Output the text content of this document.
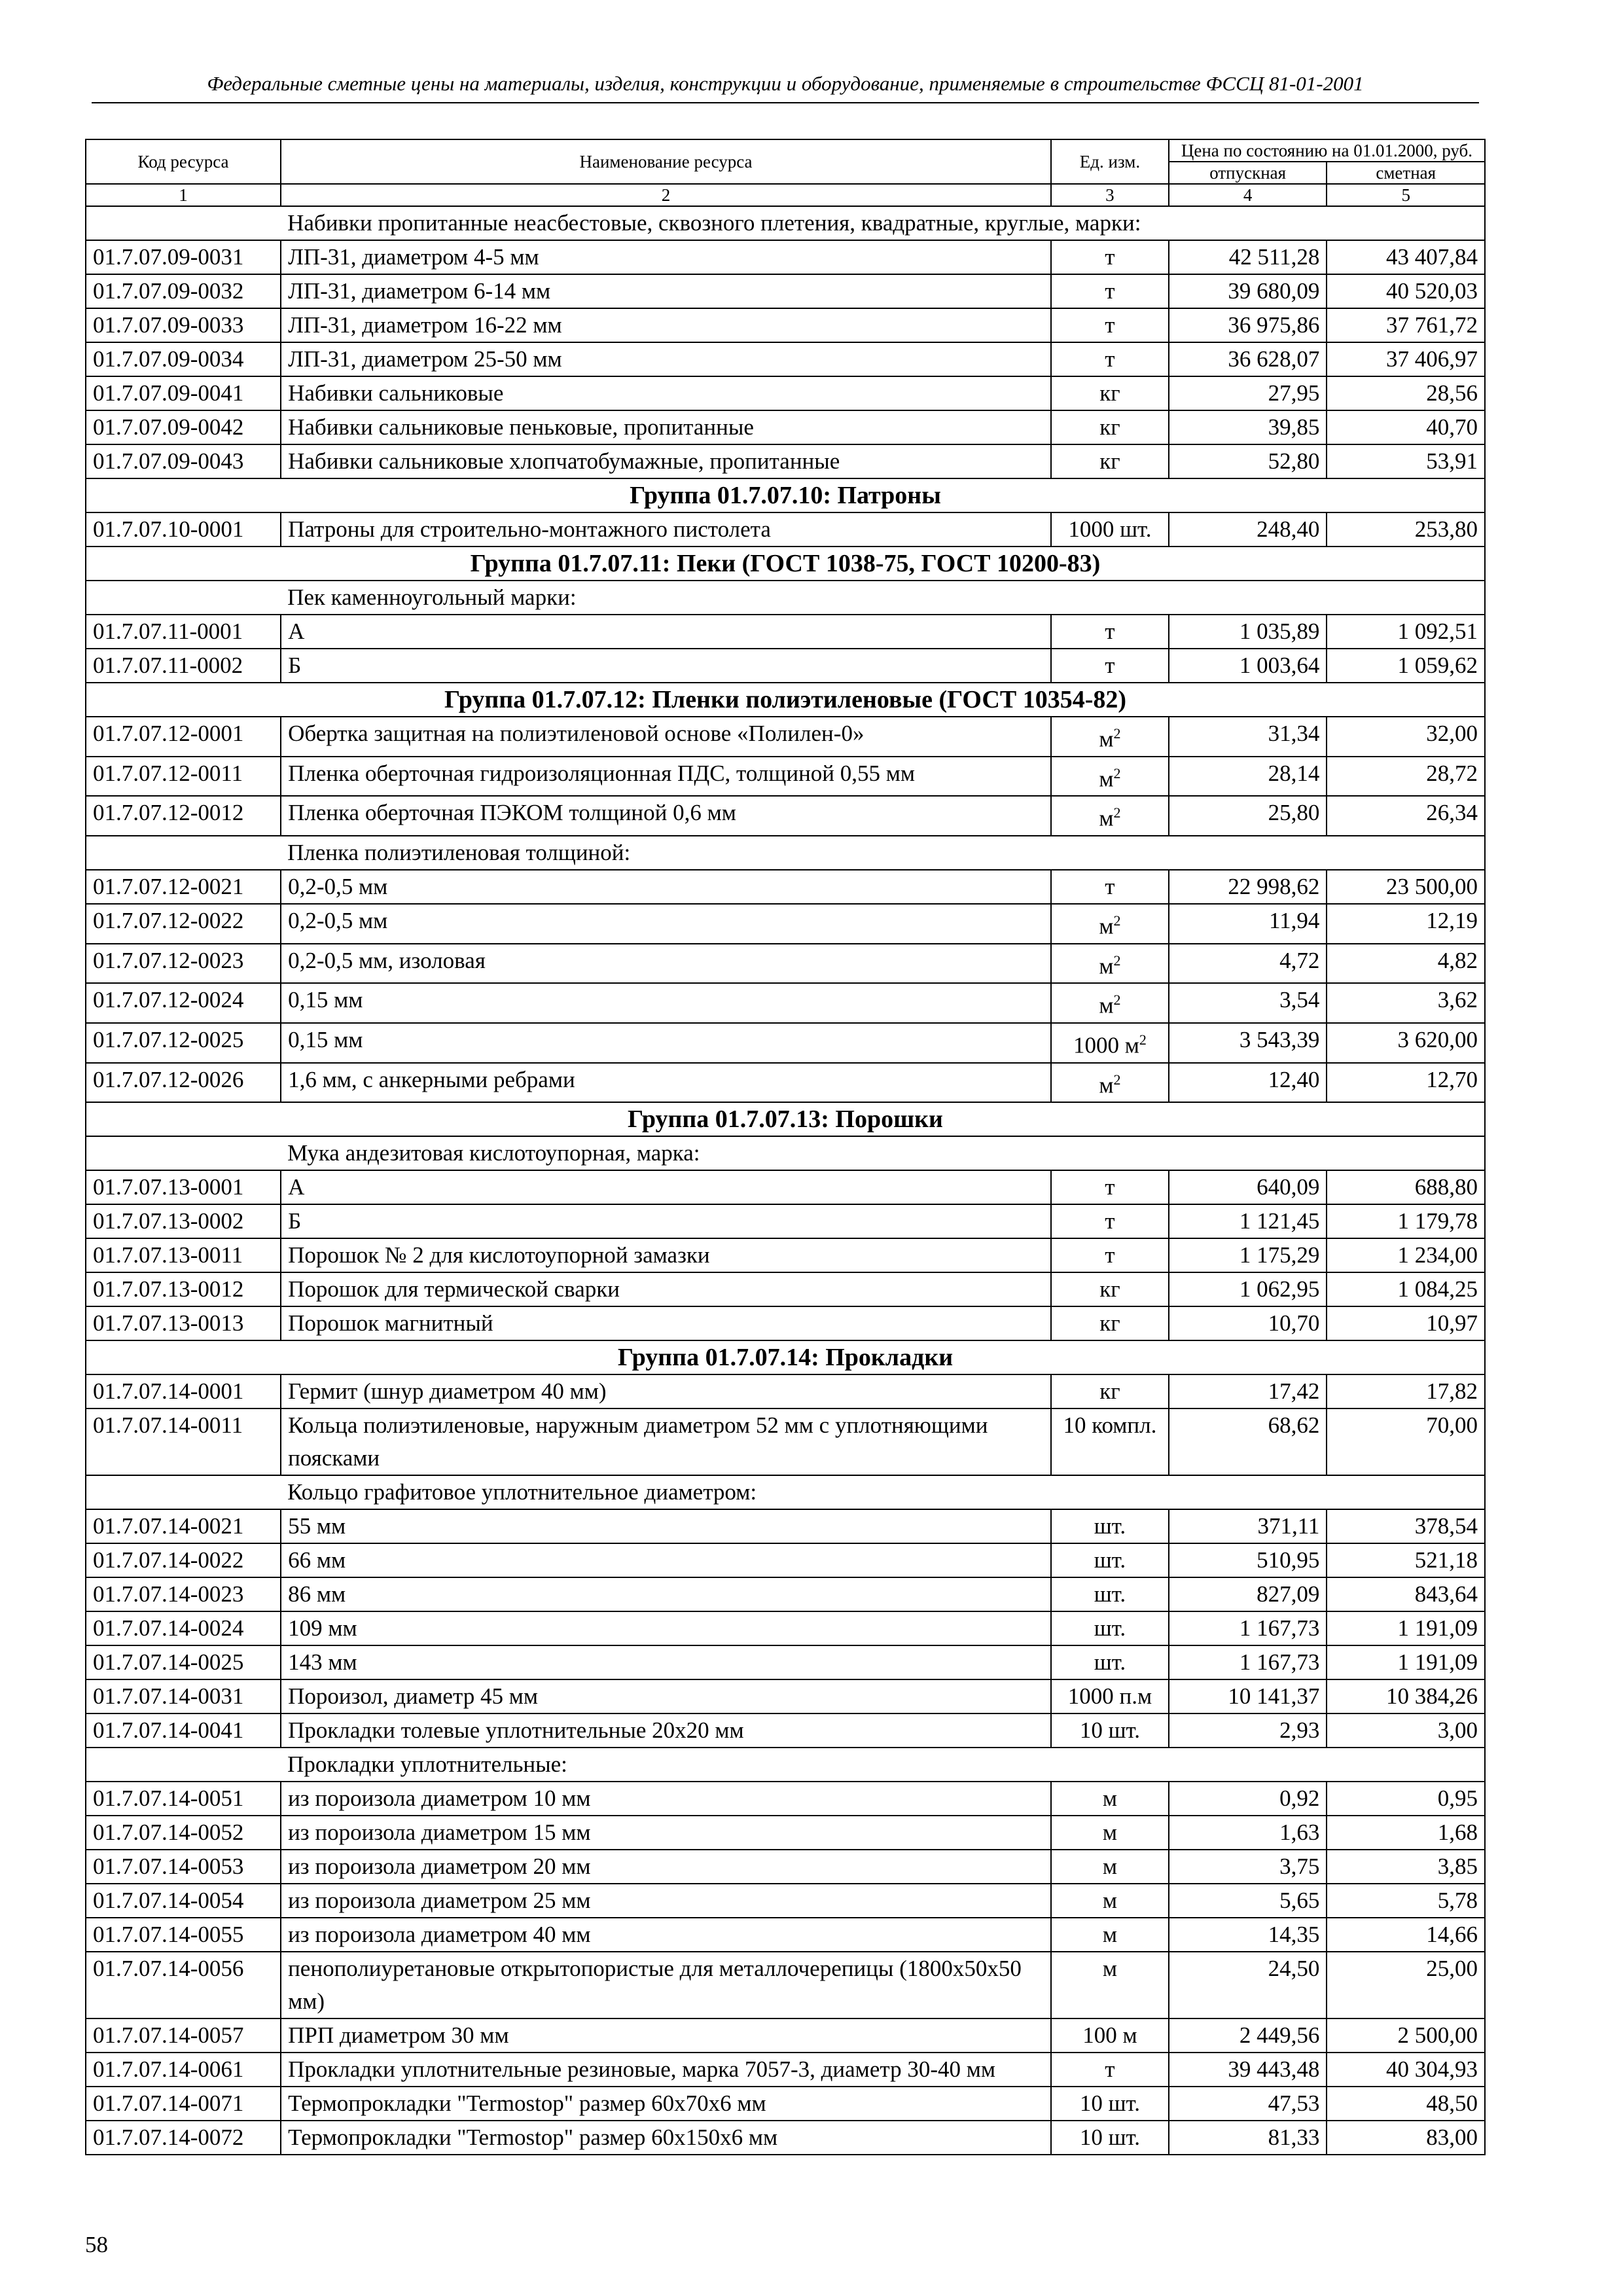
Федеральные сметные цены на материалы, изделия, конструкции и оборудование, применяемые в строительстве ФССЦ 81-01-2001
Код ресурса	Наименование ресурса	Ед. изм.	Цена по состоянию на 01.01.2000, руб.	
			отпускная	сметная
1	2	3	4	5
	Набивки пропитанные неасбестовые, сквозного плетения, квадратные, круглые, марки:			
01.7.07.09-0031	ЛП-31, диаметром 4-5 мм	т	42 511,28	43 407,84
01.7.07.09-0032	ЛП-31, диаметром 6-14 мм	т	39 680,09	40 520,03
01.7.07.09-0033	ЛП-31, диаметром 16-22 мм	т	36 975,86	37 761,72
01.7.07.09-0034	ЛП-31, диаметром 25-50 мм	т	36 628,07	37 406,97
01.7.07.09-0041	Набивки сальниковые	кг	27,95	28,56
01.7.07.09-0042	Набивки сальниковые пеньковые, пропитанные	кг	39,85	40,70
01.7.07.09-0043	Набивки сальниковые хлопчатобумажные, пропитанные	кг	52,80	53,91
Группа 01.7.07.10: Патроны				
01.7.07.10-0001	Патроны для строительно-монтажного пистолета	1000 шт.	248,40	253,80
Группа 01.7.07.11: Пеки (ГОСТ 1038-75, ГОСТ 10200-83)				
	Пек каменноугольный марки:			
01.7.07.11-0001	А	т	1 035,89	1 092,51
01.7.07.11-0002	Б	т	1 003,64	1 059,62
Группа 01.7.07.12: Пленки полиэтиленовые (ГОСТ 10354-82)				
01.7.07.12-0001	Обертка защитная на полиэтиленовой основе «Полилен-0»	$м^2$	31,34	32,00
01.7.07.12-0011	Пленка оберточная гидроизоляционная ПДС, толщиной 0,55 мм	$м^2$	28,14	28,72
01.7.07.12-0012	Пленка оберточная ПЭКОМ толщиной 0,6 мм	$м^2$	25,80	26,34
	Пленка полиэтиленовая толщиной:			
01.7.07.12-0021	0,2-0,5 мм	т	22 998,62	23 500,00
01.7.07.12-0022	0,2-0,5 мм	$м^2$	11,94	12,19
01.7.07.12-0023	0,2-0,5 мм, изоловая	$м^2$	4,72	4,82
01.7.07.12-0024	0,15 мм	$м^2$	3,54	3,62
01.7.07.12-0025	0,15 мм	1000 $м^2$	3 543,39	3 620,00
01.7.07.12-0026	1,6 мм, с анкерными ребрами	$м^2$	12,40	12,70
Группа 01.7.07.13: Порошки				
	Мука андезитовая кислотоупорная, марка:			
01.7.07.13-0001	А	т	640,09	688,80
01.7.07.13-0002	Б	т	1 121,45	1 179,78
01.7.07.13-0011	Порошок № 2 для кислотоупорной замазки	т	1 175,29	1 234,00
01.7.07.13-0012	Порошок для термической сварки	кг	1 062,95	1 084,25
01.7.07.13-0013	Порошок магнитный	кг	10,70	10,97
Группа 01.7.07.14: Прокладки				
01.7.07.14-0001	Гермит (шнур диаметром 40 мм)	кг	17,42	17,82
01.7.07.14-0011	Кольца полиэтиленовые, наружным диаметром 52 мм с уплотняющими поясками	10 компл.	68,62	70,00
	Кольцо графитовое уплотнительное диаметром:			
01.7.07.14-0021	55 мм	шт.	371,11	378,54
01.7.07.14-0022	66 мм	шт.	510,95	521,18
01.7.07.14-0023	86 мм	шт.	827,09	843,64
01.7.07.14-0024	109 мм	шт.	1 167,73	1 191,09
01.7.07.14-0025	143 мм	шт.	1 167,73	1 191,09
01.7.07.14-0031	Пороизол, диаметр 45 мм	1000 п.м	10 141,37	10 384,26
01.7.07.14-0041	Прокладки толевые уплотнительные 20х20 мм	10 шт.	2,93	3,00
	Прокладки уплотнительные:			
01.7.07.14-0051	из пороизола диаметром 10 мм	м	0,92	0,95
01.7.07.14-0052	из пороизола диаметром 15 мм	м	1,63	1,68
01.7.07.14-0053	из пороизола диаметром 20 мм	м	3,75	3,85
01.7.07.14-0054	из пороизола диаметром 25 мм	м	5,65	5,78
01.7.07.14-0055	из пороизола диаметром 40 мм	м	14,35	14,66
01.7.07.14-0056	пенополиуретановые открытопористые для металлочерепицы (1800х50х50 мм)	м	24,50	25,00
01.7.07.14-0057	ПРП диаметром 30 мм	100 м	2 449,56	2 500,00
01.7.07.14-0061	Прокладки уплотнительные резиновые, марка 7057-3, диаметр 30-40 мм	т	39 443,48	40 304,93
01.7.07.14-0071	Термопрокладки "Termostop" размер 60х70х6 мм	10 шт.	47,53	48,50
01.7.07.14-0072	Термопрокладки "Termostop" размер 60х150х6 мм	10 шт.	81,33	83,00
58
